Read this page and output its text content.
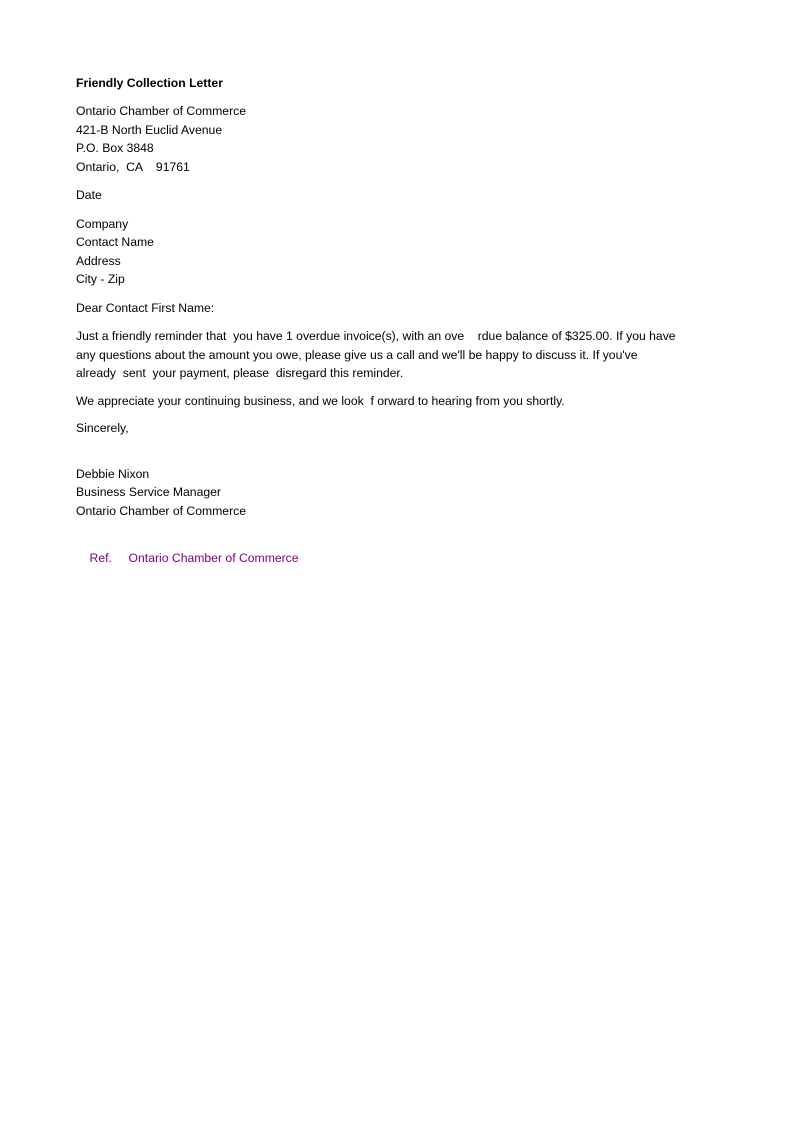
Friendly Collection Letter
Ontario Chamber of Commerce
421-B North Euclid Avenue
P.O. Box 3848
Ontario,  CA    91761
Date
Company
Contact Name
Address
City - Zip
Dear Contact First Name:
Just a friendly reminder that  you have 1 overdue invoice(s), with an ove    rdue balance of $325.00. If you have
any questions about the amount you owe, please give us a call and we'll be happy to discuss it. If you've
already  sent  your payment, please  disregard this reminder.
We appreciate your continuing business, and we look  f orward to hearing from you shortly.
Sincerely,
Debbie Nixon
Business Service Manager
Ontario Chamber of Commerce

Ref. Ontario Chamber of Commerce
